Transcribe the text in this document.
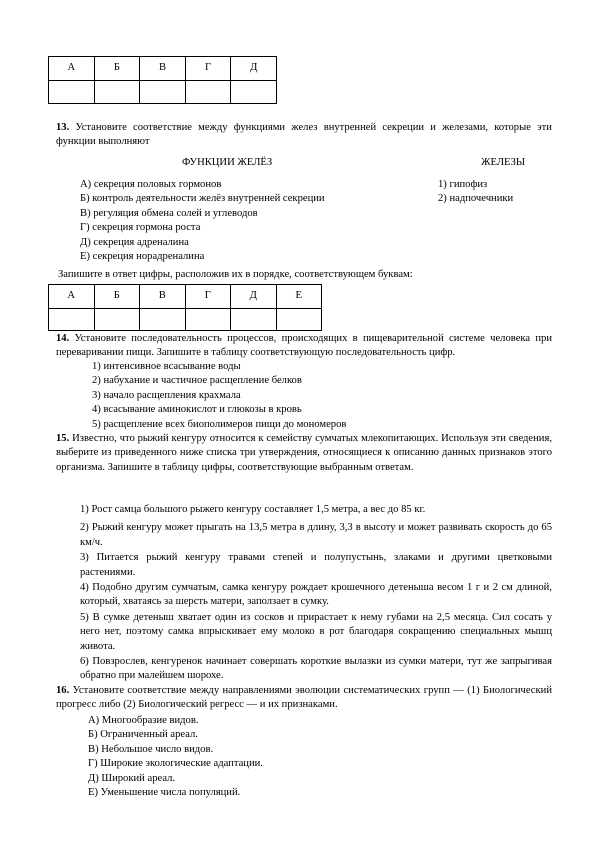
А	Б	В	Г	Д

13. Установите соответствие между функциями желез внутренней секреции и железами, которые эти функции выполняют
ФУНКЦИИ ЖЕЛЁЗ	ЖЕЛЕЗЫ
А) секреция половых гормонов
Б) контроль деятельности желёз внутренней секреции
В) регуляция обмена солей и углеводов
Г) секреция гормона роста
Д) секреция адреналина
Е) секреция норадреналина
1) гипофиз
2) надпочечники
Запишите в ответ цифры, расположив их в порядке, соответствующем буквам:
А	Б	В	Г	Д	Е

14. Установите последовательность процессов, происходящих в пищеварительной системе человека при переваривании пищи. Запишите в таблицу соответствующую последовательность цифр.
1) интенсивное всасывание воды
2) набухание и частичное расщепление белков
3) начало расщепления крахмала
4) всасывание аминокислот и глюкозы в кровь
5) расщепление всех биополимеров пищи до мономеров
15. Известно, что рыжий кенгуру относится к семейству сумчатых млекопитающих. Используя эти сведения, выберите из приведенного ниже списка три утверждения, относящиеся к описанию данных признаков этого организма. Запишите в таблицу цифры, соответствующие выбранным ответам.
1) Рост самца большого рыжего кенгуру составляет 1,5 метра, а вес до 85 кг.
2) Рыжий кенгуру может прыгать на 13,5 метра в длину, 3,3 в высоту и может развивать скорость до 65 км/ч.
3) Питается рыжий кенгуру травами степей и полупустынь, злаками и другими цветковыми растениями.
4) Подобно другим сумчатым, самка кенгуру рождает крошечного детеныша весом 1 г и 2 см длиной, который, хватаясь за шерсть матери, заползает в сумку.
5) В сумке детеныш хватает один из сосков и прирастает к нему губами на 2,5 месяца. Сил сосать у него нет, поэтому самка впрыскивает ему молоко в рот благодаря сокращению специальных мышц живота.
6) Повзрослев, кенгуренок начинает совершать короткие вылазки из сумки матери, тут же запрыгивая обратно при малейшем шорохе.
16. Установите соответствие между направлениями эволюции систематических групп — (1) Биологический прогресс либо (2) Биологический регресс — и их признаками.
А) Многообразие видов.
Б) Ограниченный ареал.
В) Небольшое число видов.
Г) Широкие экологические адаптации.
Д) Широкий ареал.
Е) Уменьшение числа популяций.
